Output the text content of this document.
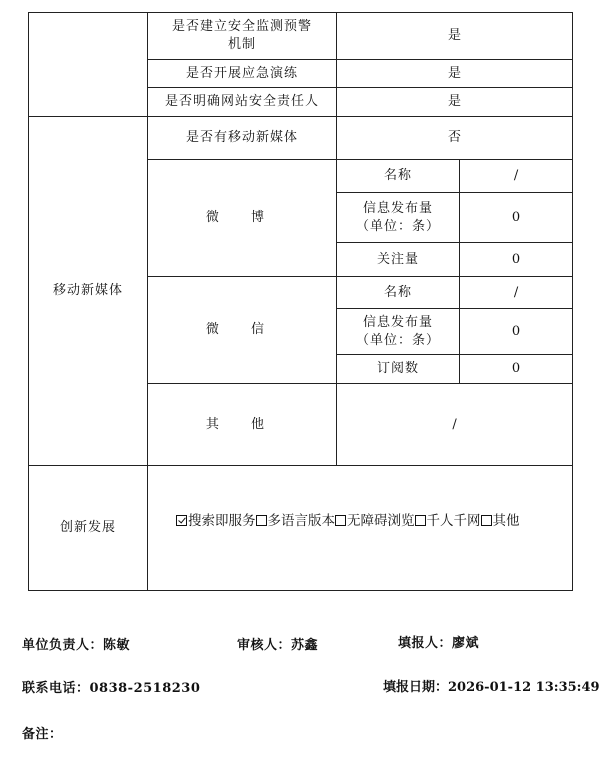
	是否建立安全监测预警机制	是	
	是否开展应急演练	是	
	是否明确网站安全责任人	是	
移动新媒体	是否有移动新媒体	否	
	微 博	名称	/

		信息发布量
（单位：条）	0
		关注量	0
	微 信	名称	/

		信息发布量
（单位：条）	0
		订阅数	0
	其 他	/	
创新发展	搜索即服务 多语言版本 无障碍浏览 千人千网 其他		
单位负责人：陈敏	审核人：苏鑫	填报人：廖斌
联系电话：0838-2518230	填报日期：2026-01-12 13:35:49
备注：
